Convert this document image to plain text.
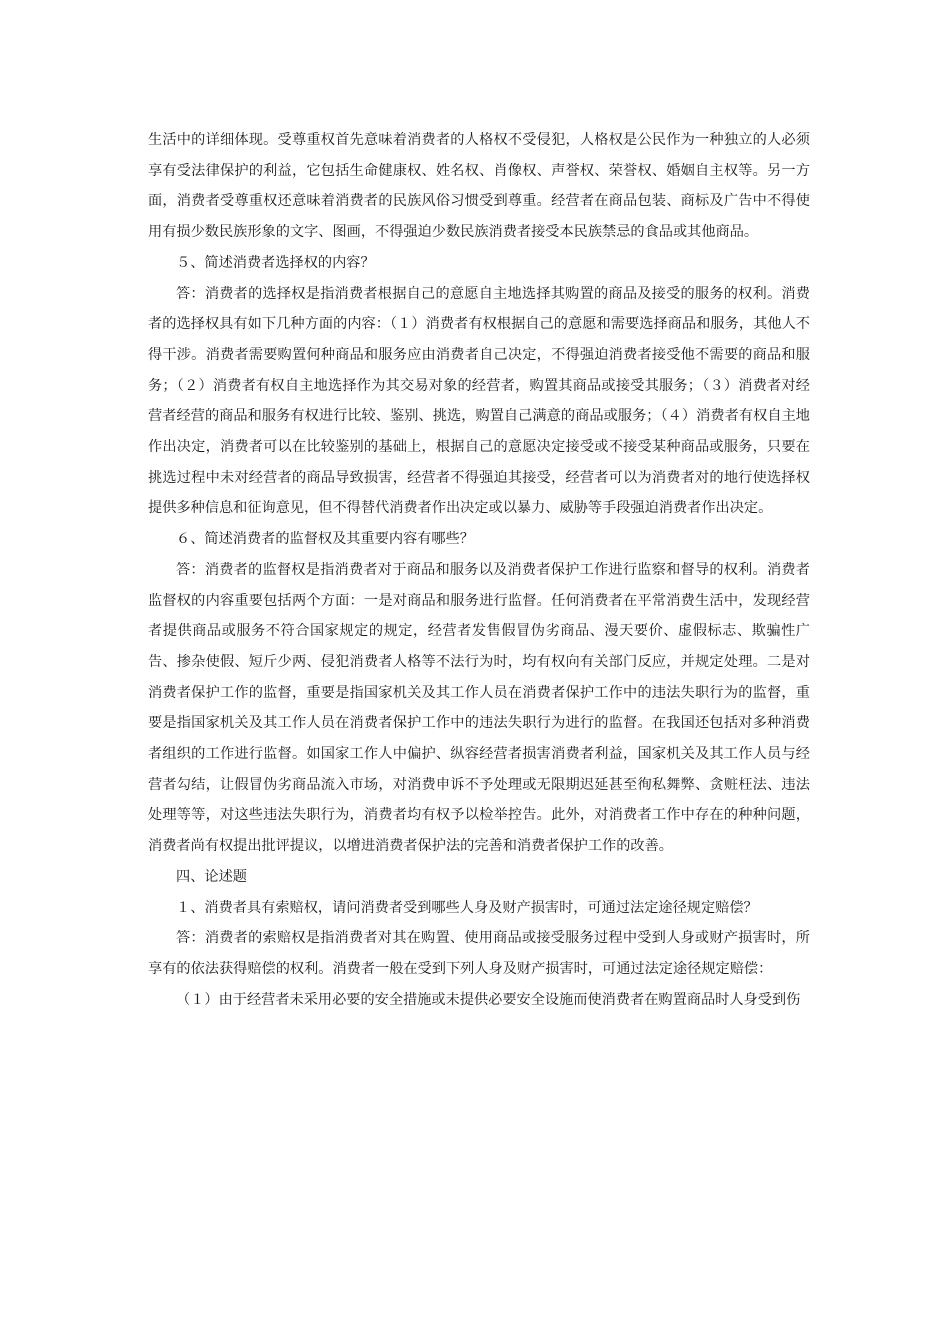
生活中的详细体现。受尊重权首先意味着消费者的人格权不受侵犯，人格权是公民作为一种独立的人必须享有受法律保护的利益，它包括生命健康权、姓名权、肖像权、声誉权、荣誉权、婚姻自主权等。另一方面，消费者受尊重权还意味着消费者的民族风俗习惯受到尊重。经营者在商品包装、商标及广告中不得使用有损少数民族形象的文字、图画，不得强迫少数民族消费者接受本民族禁忌的食品或其他商品。

５、简述消费者选择权的内容？

答：消费者的选择权是指消费者根据自己的意愿自主地选择其购置的商品及接受的服务的权利。消费者的选择权具有如下几种方面的内容：（１）消费者有权根据自己的意愿和需要选择商品和服务，其他人不得干涉。消费者需要购置何种商品和服务应由消费者自己决定，不得强迫消费者接受他不需要的商品和服务；（２）消费者有权自主地选择作为其交易对象的经营者，购置其商品或接受其服务；（３）消费者对经营者经营的商品和服务有权进行比较、鉴别、挑选，购置自己满意的商品或服务；（４）消费者有权自主地作出决定，消费者可以在比较鉴别的基础上，根据自己的意愿决定接受或不接受某种商品或服务，只要在挑选过程中未对经营者的商品导致损害，经营者不得强迫其接受，经营者可以为消费者对的地行使选择权提供多种信息和征询意见，但不得替代消费者作出决定或以暴力、威胁等手段强迫消费者作出决定。

６、简述消费者的监督权及其重要内容有哪些？

答：消费者的监督权是指消费者对于商品和服务以及消费者保护工作进行监察和督导的权利。消费者监督权的内容重要包括两个方面：一是对商品和服务进行监督。任何消费者在平常消费生活中，发现经营者提供商品或服务不符合国家规定的规定，经营者发售假冒伪劣商品、漫天要价、虚假标志、欺骗性广告、掺杂使假、短斤少两、侵犯消费者人格等不法行为时，均有权向有关部门反应，并规定处理。二是对消费者保护工作的监督，重要是指国家机关及其工作人员在消费者保护工作中的违法失职行为的监督，重要是指国家机关及其工作人员在消费者保护工作中的违法失职行为进行的监督。在我国还包括对多种消费者组织的工作进行监督。如国家工作人中偏护、纵容经营者损害消费者利益，国家机关及其工作人员与经营者勾结，让假冒伪劣商品流入市场，对消费申诉不予处理或无限期迟延甚至徇私舞弊、贪赃枉法、违法处理等等，对这些违法失职行为，消费者均有权予以检举控告。此外，对消费者工作中存在的种种问题，消费者尚有权提出批评提议，以增进消费者保护法的完善和消费者保护工作的改善。

四、论述题

１、消费者具有索赔权，请问消费者受到哪些人身及财产损害时，可通过法定途径规定赔偿？

答：消费者的索赔权是指消费者对其在购置、使用商品或接受服务过程中受到人身或财产损害时，所享有的依法获得赔偿的权利。消费者一般在受到下列人身及财产损害时，可通过法定途径规定赔偿：

（１）由于经营者未采用必要的安全措施或未提供必要安全设施而使消费者在购置商品时人身受到伤
